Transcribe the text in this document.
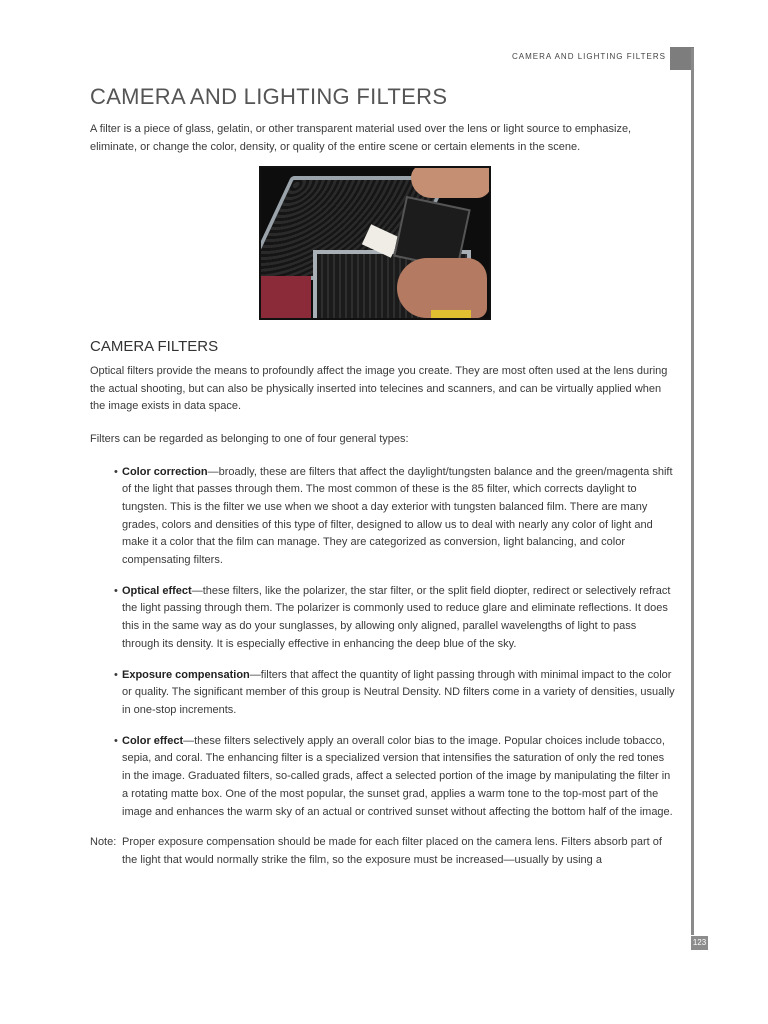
CAMERA AND LIGHTING FILTERS
CAMERA AND LIGHTING FILTERS

A filter is a piece of glass, gelatin, or other transparent material used over the lens or light source to emphasize, eliminate, or change the color, density, or quality of the entire scene or certain elements in the scene.

CAMERA FILTERS

Optical filters provide the means to profoundly affect the image you create. They are most often used at the lens during the actual shooting, but can also be physically inserted into telecines and scanners, and can be virtually applied when the image exists in data space.

Filters can be regarded as belonging to one of four general types:

• Color correction—broadly, these are filters that affect the daylight/tungsten balance and the green/magenta shift of the light that passes through them. The most common of these is the 85 filter, which corrects daylight to tungsten. This is the filter we use when we shoot a day exterior with tungsten balanced film. There are many grades, colors and densities of this type of filter, designed to allow us to deal with nearly any color of light and make it a color that the film can manage. They are categorized as conversion, light balancing, and color compensating filters.
• Optical effect—these filters, like the polarizer, the star filter, or the split field diopter, redirect or selectively refract the light passing through them. The polarizer is commonly used to reduce glare and eliminate reflections. It does this in the same way as do your sunglasses, by allowing only aligned, parallel wavelengths of light to pass through its density. It is especially effective in enhancing the deep blue of the sky.
• Exposure compensation—filters that affect the quantity of light passing through with minimal impact to the color or quality. The significant member of this group is Neutral Density. ND filters come in a variety of densities, usually in one-stop increments.
• Color effect—these filters selectively apply an overall color bias to the image. Popular choices include tobacco, sepia, and coral. The enhancing filter is a specialized version that intensifies the saturation of only the red tones in the image. Graduated filters, so-called grads, affect a selected portion of the image by manipulating the filter in a rotating matte box. One of the most popular, the sunset grad, applies a warm tone to the top-most part of the image and enhances the warm sky of an actual or contrived sunset without affecting the bottom half of the image.

Note: Proper exposure compensation should be made for each filter placed on the camera lens. Filters absorb part of the light that would normally strike the film, so the exposure must be increased—usually by using a

123
